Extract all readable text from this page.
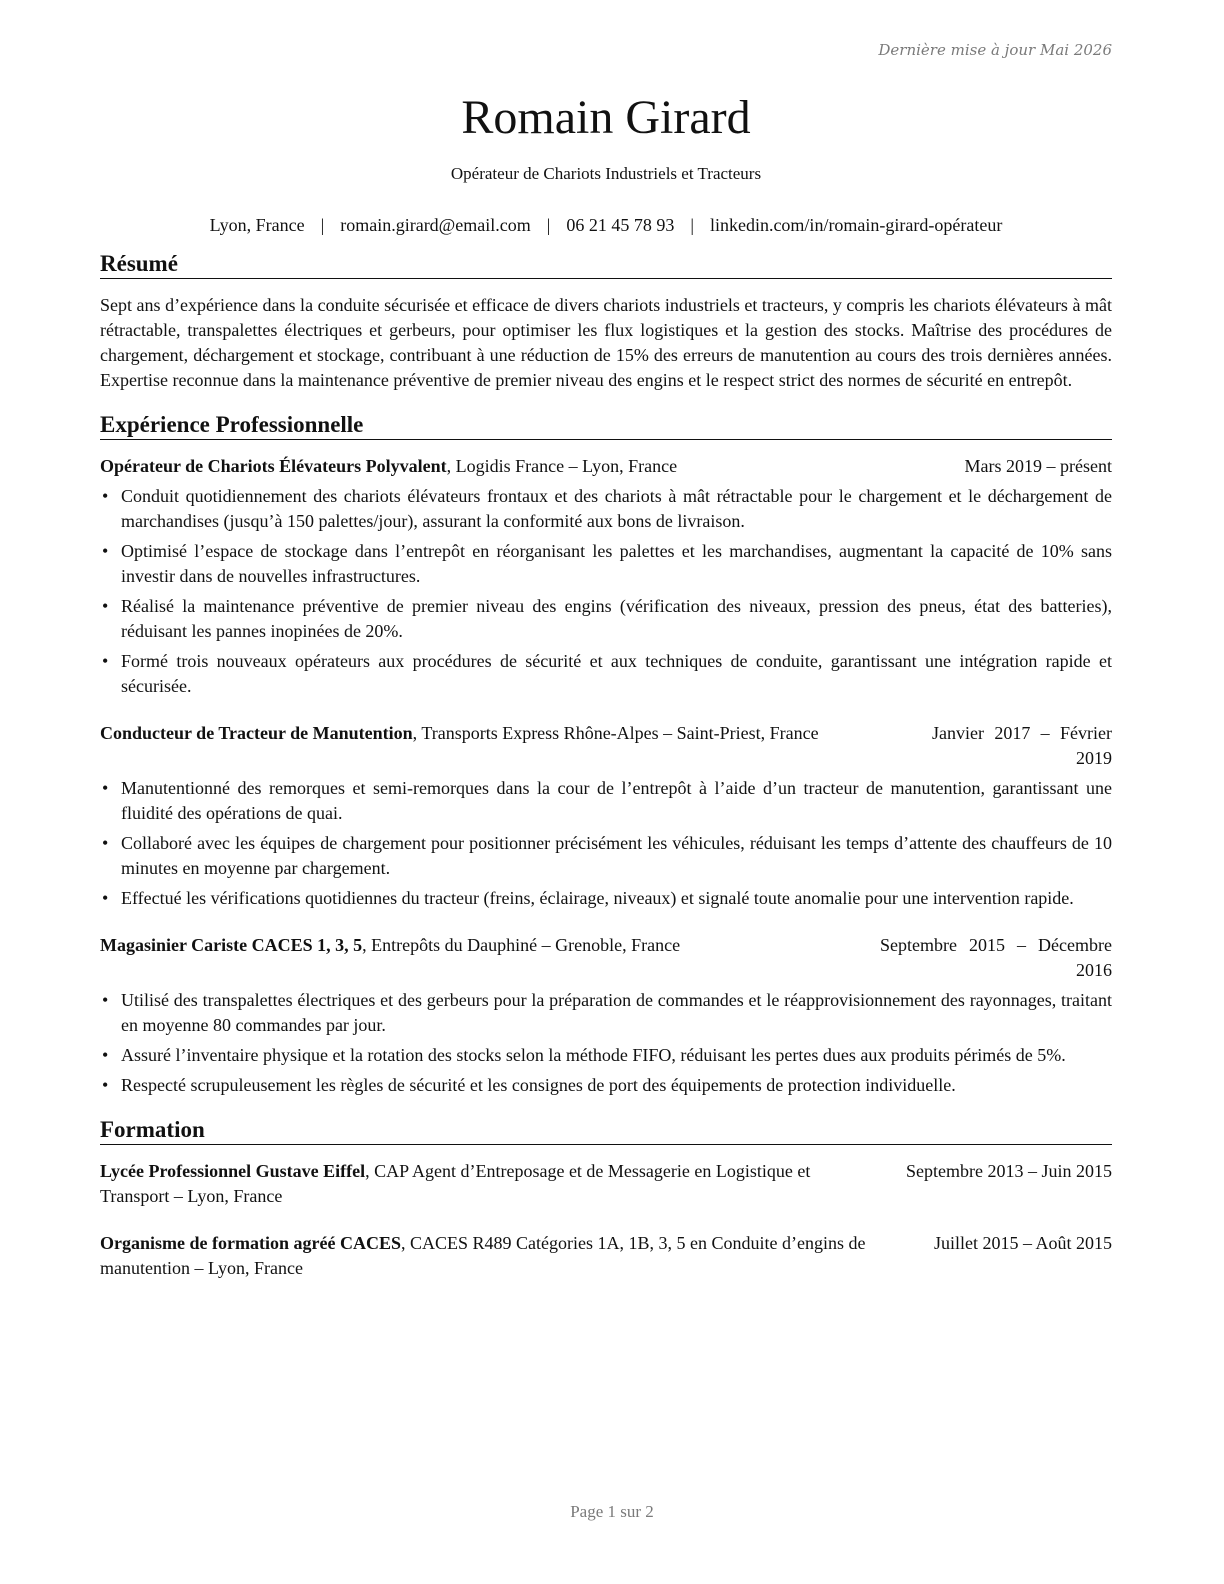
Dernière mise à jour Mai 2026
Romain Girard
Opérateur de Chariots Industriels et Tracteurs
Lyon, France | romain.girard@email.com | 06 21 45 78 93 | linkedin.com/in/romain-girard-opérateur
Résumé
Sept ans d’expérience dans la conduite sécurisée et efficace de divers chariots industriels et tracteurs, y compris les chariots élévateurs à mât rétractable, transpalettes électriques et gerbeurs, pour optimiser les flux logistiques et la gestion des stocks. Maîtrise des procédures de chargement, déchargement et stockage, contribuant à une réduction de 15% des erreurs de manutention au cours des trois dernières années. Expertise reconnue dans la maintenance préventive de premier niveau des engins et le respect strict des normes de sécurité en entrepôt.
Expérience Professionnelle
Opérateur de Chariots Élévateurs Polyvalent, Logidis France – Lyon, France	Mars 2019 – présent
• Conduit quotidiennement des chariots élévateurs frontaux et des chariots à mât rétractable pour le chargement et le déchargement de marchandises (jusqu’à 150 palettes/jour), assurant la conformité aux bons de livraison.
• Optimisé l’espace de stockage dans l’entrepôt en réorganisant les palettes et les marchandises, augmentant la capacité de 10% sans investir dans de nouvelles infrastructures.
• Réalisé la maintenance préventive de premier niveau des engins (vérification des niveaux, pression des pneus, état des batteries), réduisant les pannes inopinées de 20%.
• Formé trois nouveaux opérateurs aux procédures de sécurité et aux techniques de conduite, garantissant une intégration rapide et sécurisée.
Conducteur de Tracteur de Manutention, Transports Express Rhône-Alpes – Saint-Priest, France	Janvier 2017 – Février 2019
• Manutentionné des remorques et semi-remorques dans la cour de l’entrepôt à l’aide d’un tracteur de manutention, garantissant une fluidité des opérations de quai.
• Collaboré avec les équipes de chargement pour positionner précisément les véhicules, réduisant les temps d’attente des chauffeurs de 10 minutes en moyenne par chargement.
• Effectué les vérifications quotidiennes du tracteur (freins, éclairage, niveaux) et signalé toute anomalie pour une intervention rapide.
Magasinier Cariste CACES 1, 3, 5, Entrepôts du Dauphiné – Grenoble, France	Septembre 2015 – Décembre 2016
• Utilisé des transpalettes électriques et des gerbeurs pour la préparation de commandes et le réapprovisionnement des rayonnages, traitant en moyenne 80 commandes par jour.
• Assuré l’inventaire physique et la rotation des stocks selon la méthode FIFO, réduisant les pertes dues aux produits périmés de 5%.
• Respecté scrupuleusement les règles de sécurité et les consignes de port des équipements de protection individuelle.
Formation
Lycée Professionnel Gustave Eiffel, CAP Agent d’Entreposage et de Messagerie en Logistique et Transport – Lyon, France
Septembre 2013 – Juin 2015
Organisme de formation agréé CACES, CACES R489 Catégories 1A, 1B, 3, 5 en Conduite d’engins de manutention – Lyon, France
Juillet 2015 – Août 2015
Page 1 sur 2
